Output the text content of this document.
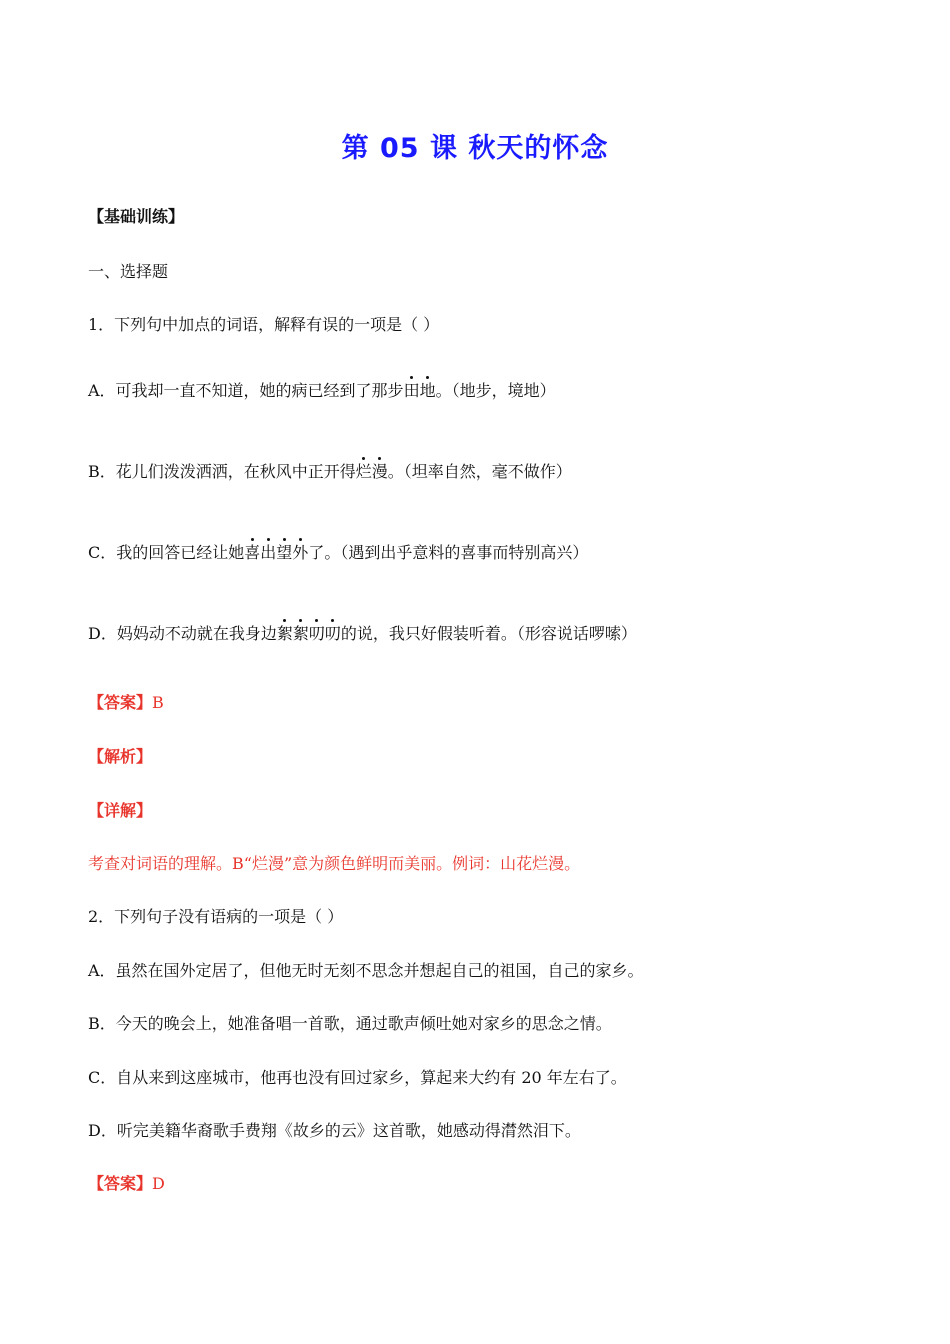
第 05 课 秋天的怀念
【基础训练】
一、选择题
1．下列句中加点的词语，解释有误的一项是（ ）
A．可我却一直不知道，她的病已经到了那步田地。（地步，境地）
B．花儿们泼泼洒洒，在秋风中正开得烂漫。（坦率自然，毫不做作）
C．我的回答已经让她喜出望外了。（遇到出乎意料的喜事而特别高兴）
D．妈妈动不动就在我身边絮絮叨叨的说，我只好假装听着。（形容说话啰嗦）
【答案】B
【解析】
【详解】
考查对词语的理解。B“烂漫”意为颜色鲜明而美丽。例词：山花烂漫。
2．下列句子没有语病的一项是（ ）
A．虽然在国外定居了，但他无时无刻不思念并想起自己的祖国，自己的家乡。
B．今天的晚会上，她准备唱一首歌，通过歌声倾吐她对家乡的思念之情。
C．自从来到这座城市，他再也没有回过家乡，算起来大约有 20 年左右了。
D．听完美籍华裔歌手费翔《故乡的云》这首歌，她感动得潸然泪下。
【答案】D
